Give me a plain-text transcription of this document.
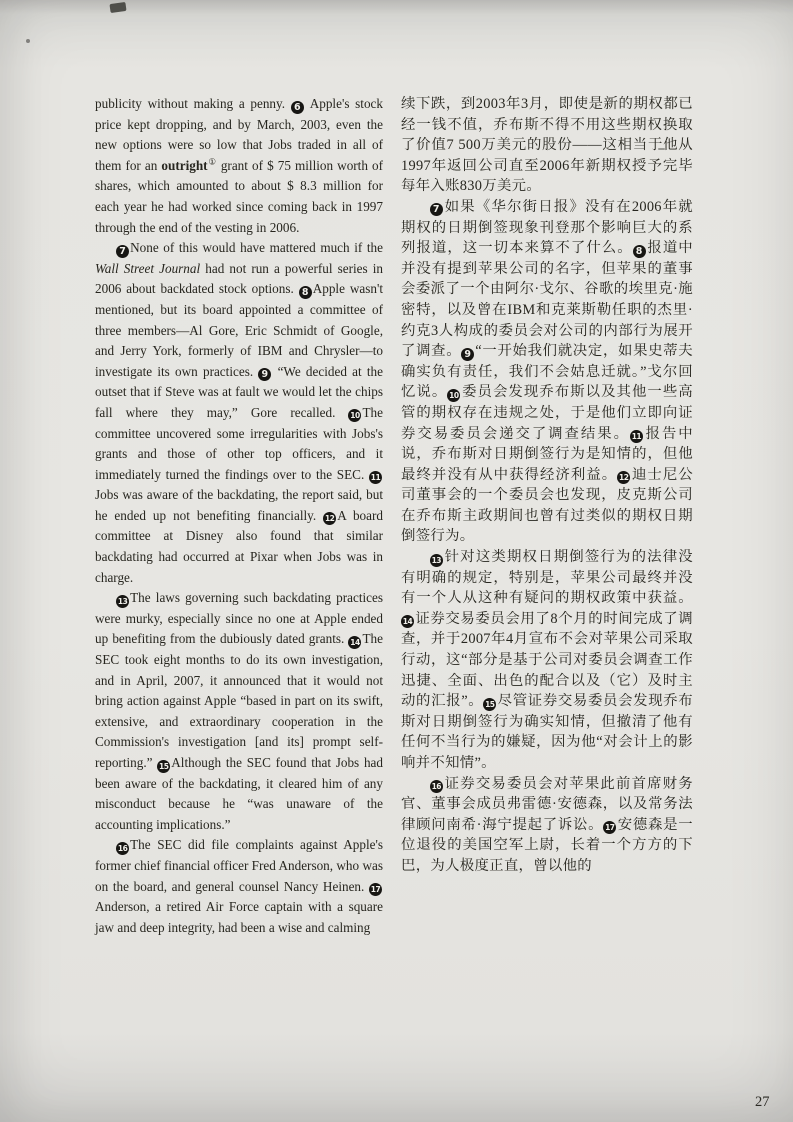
publicity without making a penny. 6 Apple's stock price kept dropping, and by March, 2003, even the new options were so low that Jobs traded in all of them for an outright① grant of $ 75 million worth of shares, which amounted to about $ 8.3 million for each year he had worked since coming back in 1997 through the end of the vesting in 2006.

7 None of this would have mattered much if the Wall Street Journal had not run a powerful series in 2006 about backdated stock options. 8 Apple wasn't mentioned, but its board appointed a committee of three members—Al Gore, Eric Schmidt of Google, and Jerry York, formerly of IBM and Chrysler—to investigate its own practices. 9 “We decided at the outset that if Steve was at fault we would let the chips fall where they may,” Gore recalled. 10 The committee uncovered some irregularities with Jobs's grants and those of other top officers, and it immediately turned the findings over to the SEC. 11Jobs was aware of the backdating, the report said, but he ended up not benefiting financially. 12 A board committee at Disney also found that similar backdating had occurred at Pixar when Jobs was in charge.

13 The laws governing such backdating practices were murky, especially since no one at Apple ended up benefiting from the dubiously dated grants. 14 The SEC took eight months to do its own investigation, and in April, 2007, it announced that it would not bring action against Apple “based in part on its swift, extensive, and extraordinary cooperation in the Commission's investigation [and its] prompt self-reporting.” 15 Although the SEC found that Jobs had been aware of the backdating, it cleared him of any misconduct because he “was unaware of the accounting implications.”

16 The SEC did file complaints against Apple's former chief financial officer Fred Anderson, who was on the board, and general counsel Nancy Heinen. 17Anderson, a retired Air Force captain with a square jaw and deep integrity, had been a wise and calming

续下跌，到2003年3月，即使是新的期权都已经一钱不值，乔布斯不得不用这些期权换取了价值7 500万美元的股份——这相当于他从1997年返回公司直至2006年新期权授予完毕每年入账830万美元。

7 如果《华尔街日报》没有在2006年就期权的日期倒签现象刊登那个影响巨大的系列报道，这一切本来算不了什么。 8 报道中并没有提到苹果公司的名字，但苹果的董事会委派了一个由阿尔·戈尔、谷歌的埃里克·施密特，以及曾在IBM和克莱斯勒任职的杰里·约克3人构成的委员会对公司的内部行为展开了调查。 9 “一开始我们就决定，如果史蒂夫确实负有责任，我们不会姑息迁就。”戈尔回忆说。 10 委员会发现乔布斯以及其他一些高管的期权存在违规之处，于是他们立即向证券交易委员会递交了调查结果。 11 报告中说，乔布斯对日期倒签行为是知情的，但他最终并没有从中获得经济利益。 12 迪士尼公司董事会的一个委员会也发现，皮克斯公司在乔布斯主政期间也曾有过类似的期权日期倒签行为。

13 针对这类期权日期倒签行为的法律没有明确的规定，特别是，苹果公司最终并没有一个人从这种有疑问的期权政策中获益。14 证券交易委员会用了8个月的时间完成了调查，并于2007年4月宣布不会对苹果公司采取行动，这“部分是基于公司对委员会调查工作迅捷、全面、出色的配合以及（它）及时主动的汇报”。 15 尽管证券交易委员会发现乔布斯对日期倒签行为确实知情，但撤清了他有任何不当行为的嫌疑，因为他“对会计上的影响并不知情”。

16 证券交易委员会对苹果此前首席财务官、董事会成员弗雷德·安德森，以及常务法律顾问南希·海宁提起了诉讼。 17 安德森是一位退役的美国空军上尉，长着一个方方的下巴，为人极度正直，曾以他的

27
